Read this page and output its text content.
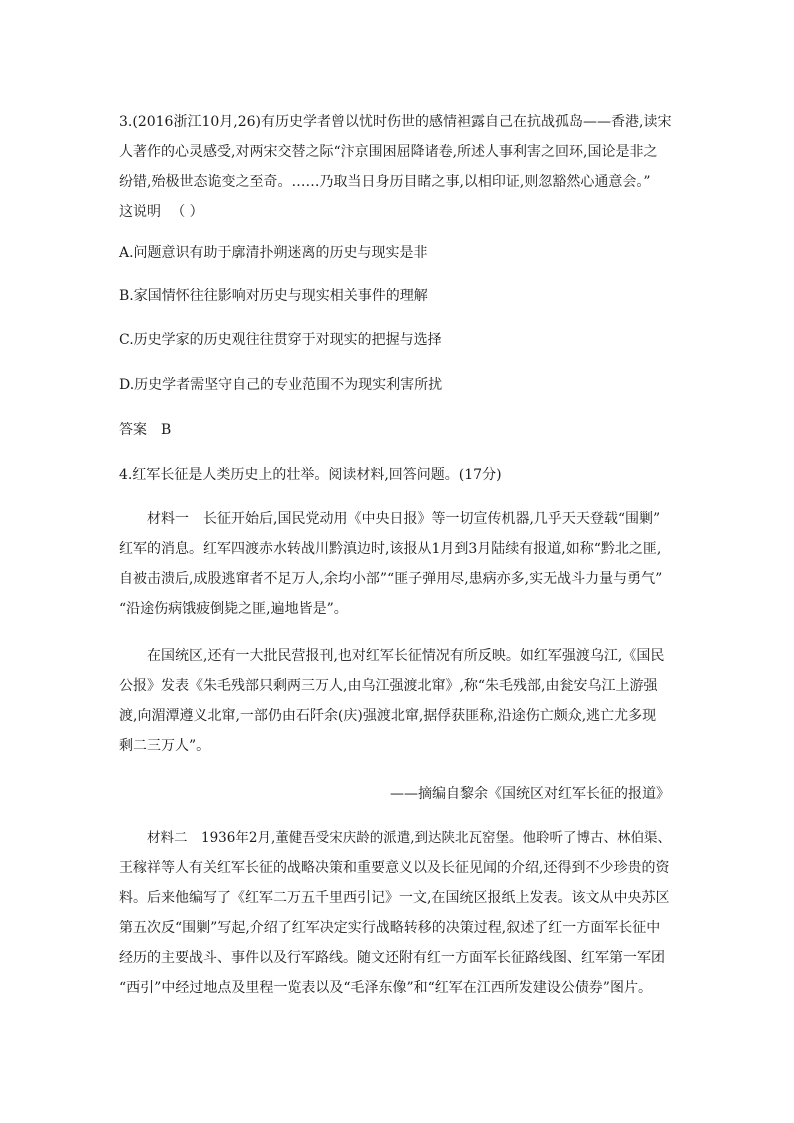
3.(2016浙江10月,26)有历史学者曾以忧时伤世的感情袒露自己在抗战孤岛——香港,读宋
人著作的心灵感受,对两宋交替之际“汴京围困屈降诸卷,所述人事利害之回环,国论是非之
纷错,殆极世态诡变之至奇。……乃取当日身历目睹之事,以相印证,则忽豁然心通意会。”
这说明 （ ）
A.问题意识有助于廓清扑朔迷离的历史与现实是非
B.家国情怀往往影响对历史与现实相关事件的理解
C.历史学家的历史观往往贯穿于对现实的把握与选择
D.历史学者需坚守自己的专业范围不为现实利害所扰
答案 B
4.红军长征是人类历史上的壮举。阅读材料,回答问题。(17分)
材料一　长征开始后,国民党动用《中央日报》等一切宣传机器,几乎天天登载“围剿”
红军的消息。红军四渡赤水转战川黔滇边时,该报从1月到3月陆续有报道,如称“黔北之匪,
自被击溃后,成股逃窜者不足万人,余均小部”“匪子弹用尽,患病亦多,实无战斗力量与勇气”
“沿途伤病饿疲倒毙之匪,遍地皆是”。
在国统区,还有一大批民营报刊,也对红军长征情况有所反映。如红军强渡乌江,《国民
公报》发表《朱毛残部只剩两三万人,由乌江强渡北窜》,称“朱毛残部,由瓮安乌江上游强
渡,向湄潭遵义北窜,一部仍由石阡余(庆)强渡北窜,据俘获匪称,沿途伤亡颇众,逃亡尤多现
剩二三万人”。
——摘编自黎余《国统区对红军长征的报道》
材料二　1936年2月,董健吾受宋庆龄的派遣,到达陕北瓦窑堡。他聆听了博古、林伯渠、
王稼祥等人有关红军长征的战略决策和重要意义以及长征见闻的介绍,还得到不少珍贵的资
料。后来他编写了《红军二万五千里西引记》一文,在国统区报纸上发表。该文从中央苏区
第五次反“围剿”写起,介绍了红军决定实行战略转移的决策过程,叙述了红一方面军长征中
经历的主要战斗、事件以及行军路线。随文还附有红一方面军长征路线图、红军第一军团
“西引”中经过地点及里程一览表以及“毛泽东像”和“红军在江西所发建设公债券”图片。
